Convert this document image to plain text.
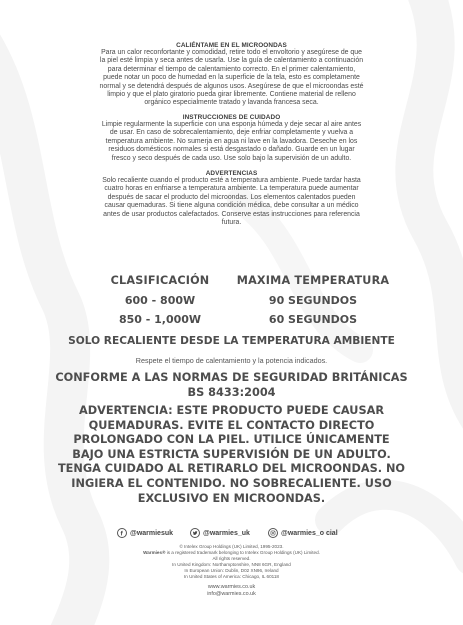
CALIÉNTAME EN EL MICROONDAS
Para un calor reconfortante y comodidad, retire todo el envoltorio y asegúrese de que
la piel esté limpia y seca antes de usarla. Use la guía de calentamiento a continuación
para determinar el tiempo de calentamiento correcto. En el primer calentamiento,
puede notar un poco de humedad en la superficie de la tela, esto es completamente
normal y se detendrá después de algunos usos. Asegúrese de que el microondas esté
limpio y que el plato giratorio pueda girar libremente. Contiene material de relleno
orgánico especialmente tratado y lavanda francesa seca.
INSTRUCCIONES DE CUIDADO
Limpie regularmente la superficie con una esponja húmeda y deje secar al aire antes
de usar. En caso de sobrecalentamiento, deje enfriar completamente y vuelva a
temperatura ambiente. No sumerja en agua ni lave en la lavadora. Deseche en los
residuos domésticos normales si está desgastado o dañado. Guarde en un lugar
fresco y seco después de cada uso. Use solo bajo la supervisión de un adulto.
ADVERTENCIAS
Solo recaliente cuando el producto esté a temperatura ambiente. Puede tardar hasta
cuatro horas en enfriarse a temperatura ambiente. La temperatura puede aumentar
después de sacar el producto del microondas. Los elementos calentados pueden
causar quemaduras. Si tiene alguna condición médica, debe consultar a un médico
antes de usar productos calefactados. Conserve estas instrucciones para referencia
futura.
CLASIFICACIÓN	MAXIMA TEMPERATURA
600 - 800W	90 SEGUNDOS
850 - 1,000W	60 SEGUNDOS
SOLO RECALIENTE DESDE LA TEMPERATURA AMBIENTE
Respete el tiempo de calentamiento y la potencia indicados.
CONFORME A LAS NORMAS DE SEGURIDAD BRITÁNICAS
BS 8433:2004
ADVERTENCIA: ESTE PRODUCTO PUEDE CAUSAR
QUEMADURAS. EVITE EL CONTACTO DIRECTO
PROLONGADO CON LA PIEL. UTILICE ÚNICAMENTE
BAJO UNA ESTRICTA SUPERVISIÓN DE UN ADULTO.
TENGA CUIDADO AL RETIRARLO DEL MICROONDAS. NO
INGIERA EL CONTENIDO. NO SOBRECALIENTE. USO
EXCLUSIVO EN MICROONDAS.
@warmiesuk	@warmies_uk	@warmies_o cial
© Intelex Group Holdings (UK) Limited, 1995-2023.
Warmies® is a registered trademark belonging to Intelex Group Holdings (UK) Limited.
All rights reserved.
In United Kingdom: Northamptonshire, NN8 6GR, England
In European Union: Dublin, D02 XN96, Ireland
In United States of America: Chicago, IL 60118
www.warmies.co.uk
info@warmies.co.uk
